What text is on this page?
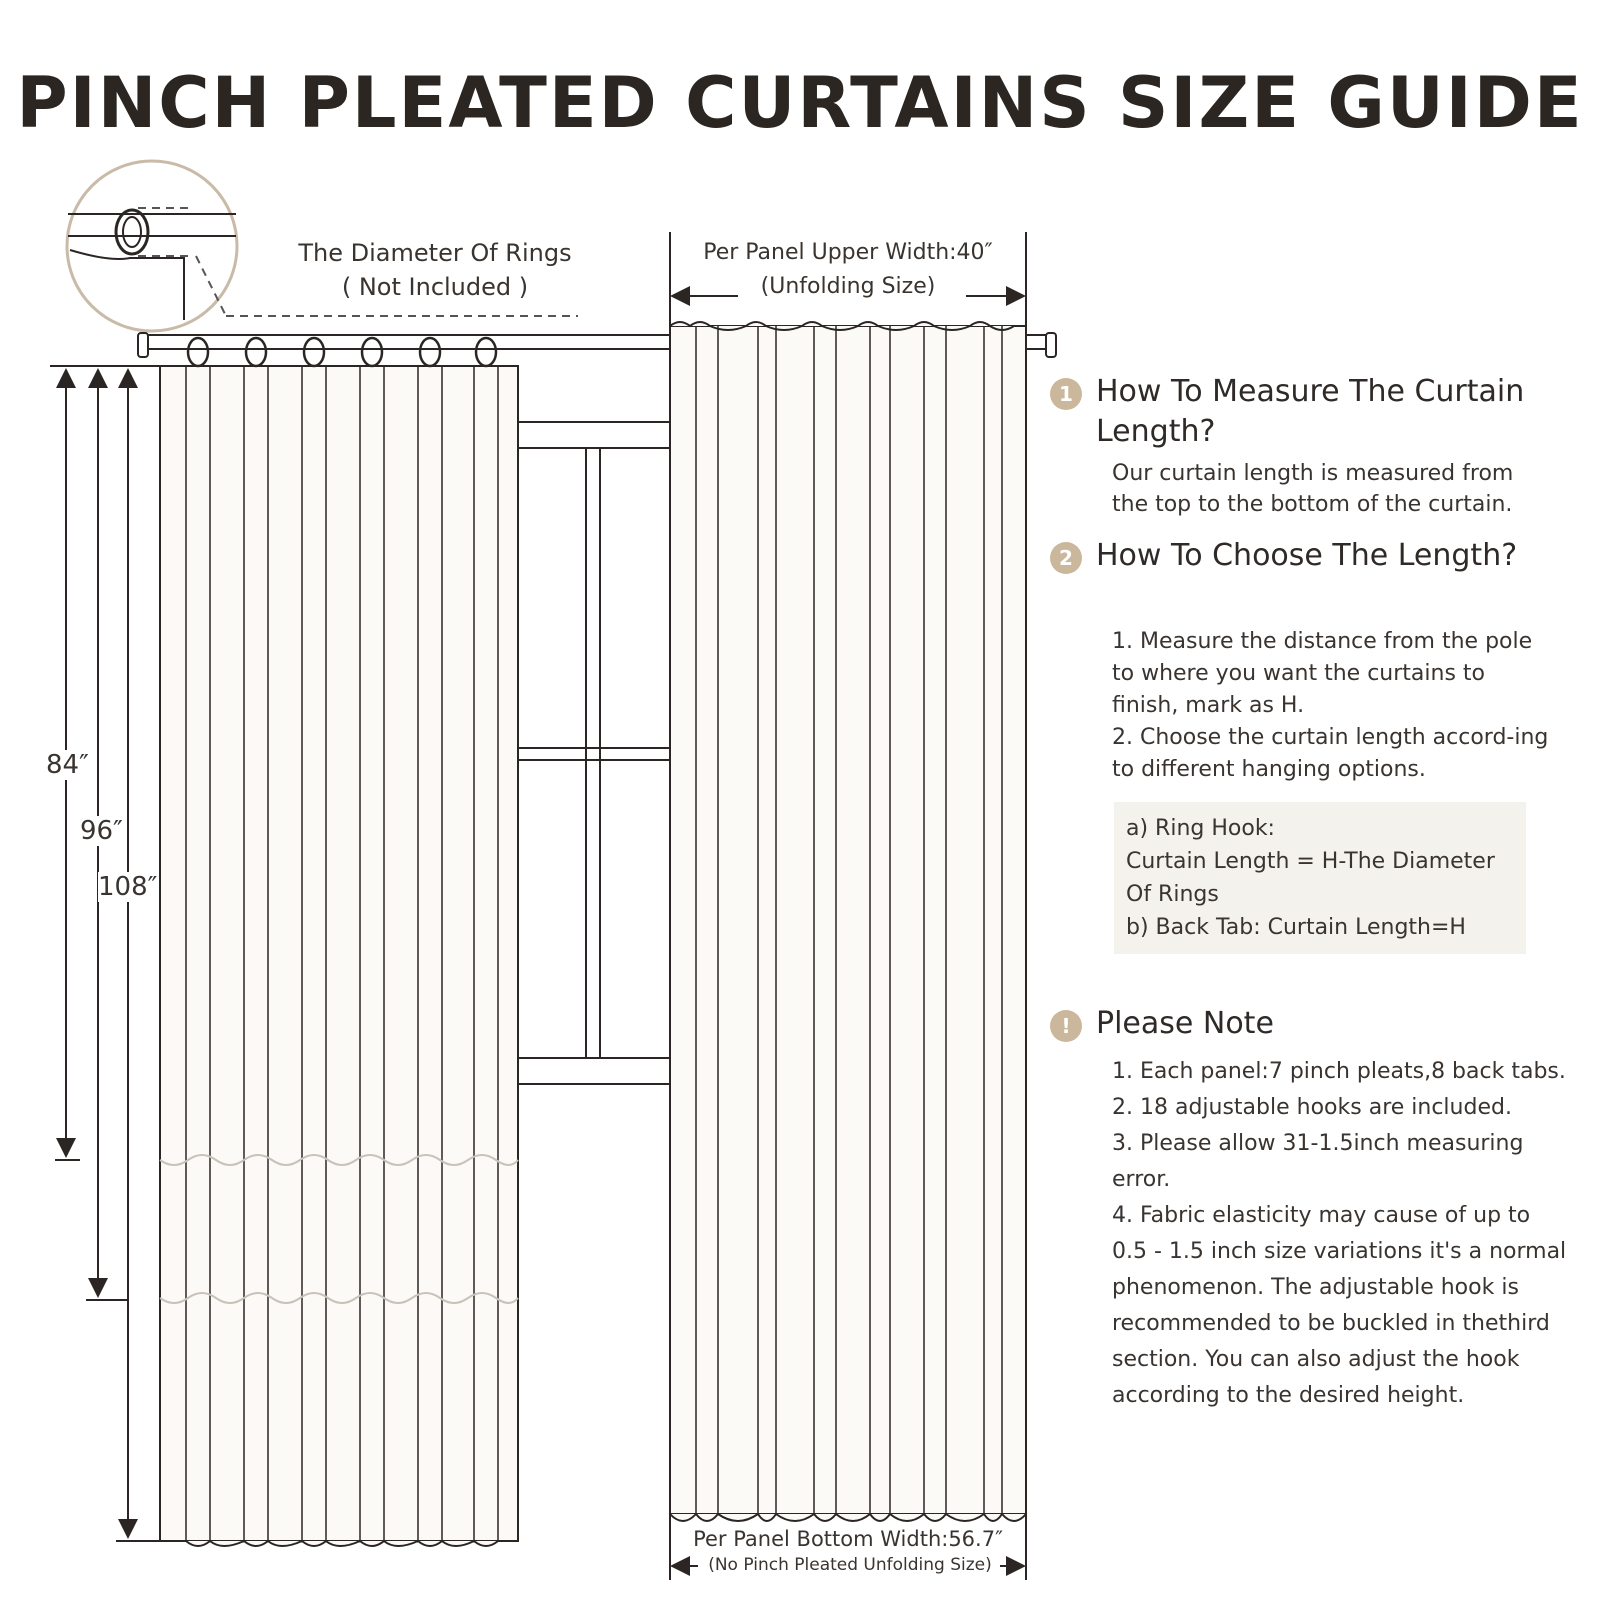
PINCH PLEATED CURTAINS SIZE GUIDE
The Diameter Of Rings
( Not Included )
Per Panel Upper Width:40″
(Unfolding Size)
Per Panel Bottom Width:56.7″
(No Pinch Pleated Unfolding Size)
84″
96″
108″
1 How To Measure The Curtain Length?

Our curtain length is measured from the top to the bottom of the curtain.

2 How To Choose The Length?

1. Measure the distance from the pole to where you want the curtains to finish, mark as H.

2. Choose the curtain length accord-ing to different hanging options.

a) Ring Hook:

Curtain Length = H-The Diameter Of Rings

b) Back Tab: Curtain Length=H

! Please Note

1. Each panel:7 pinch pleats,8 back tabs.

2. 18 adjustable hooks are included.

3. Please allow 31-1.5inch measuring error.

4. Fabric elasticity may cause of up to 0.5 - 1.5 inch size variations it's a normal phenomenon. The adjustable hook is recommended to be buckled in thethird section. You can also adjust the hook according to the desired height.
